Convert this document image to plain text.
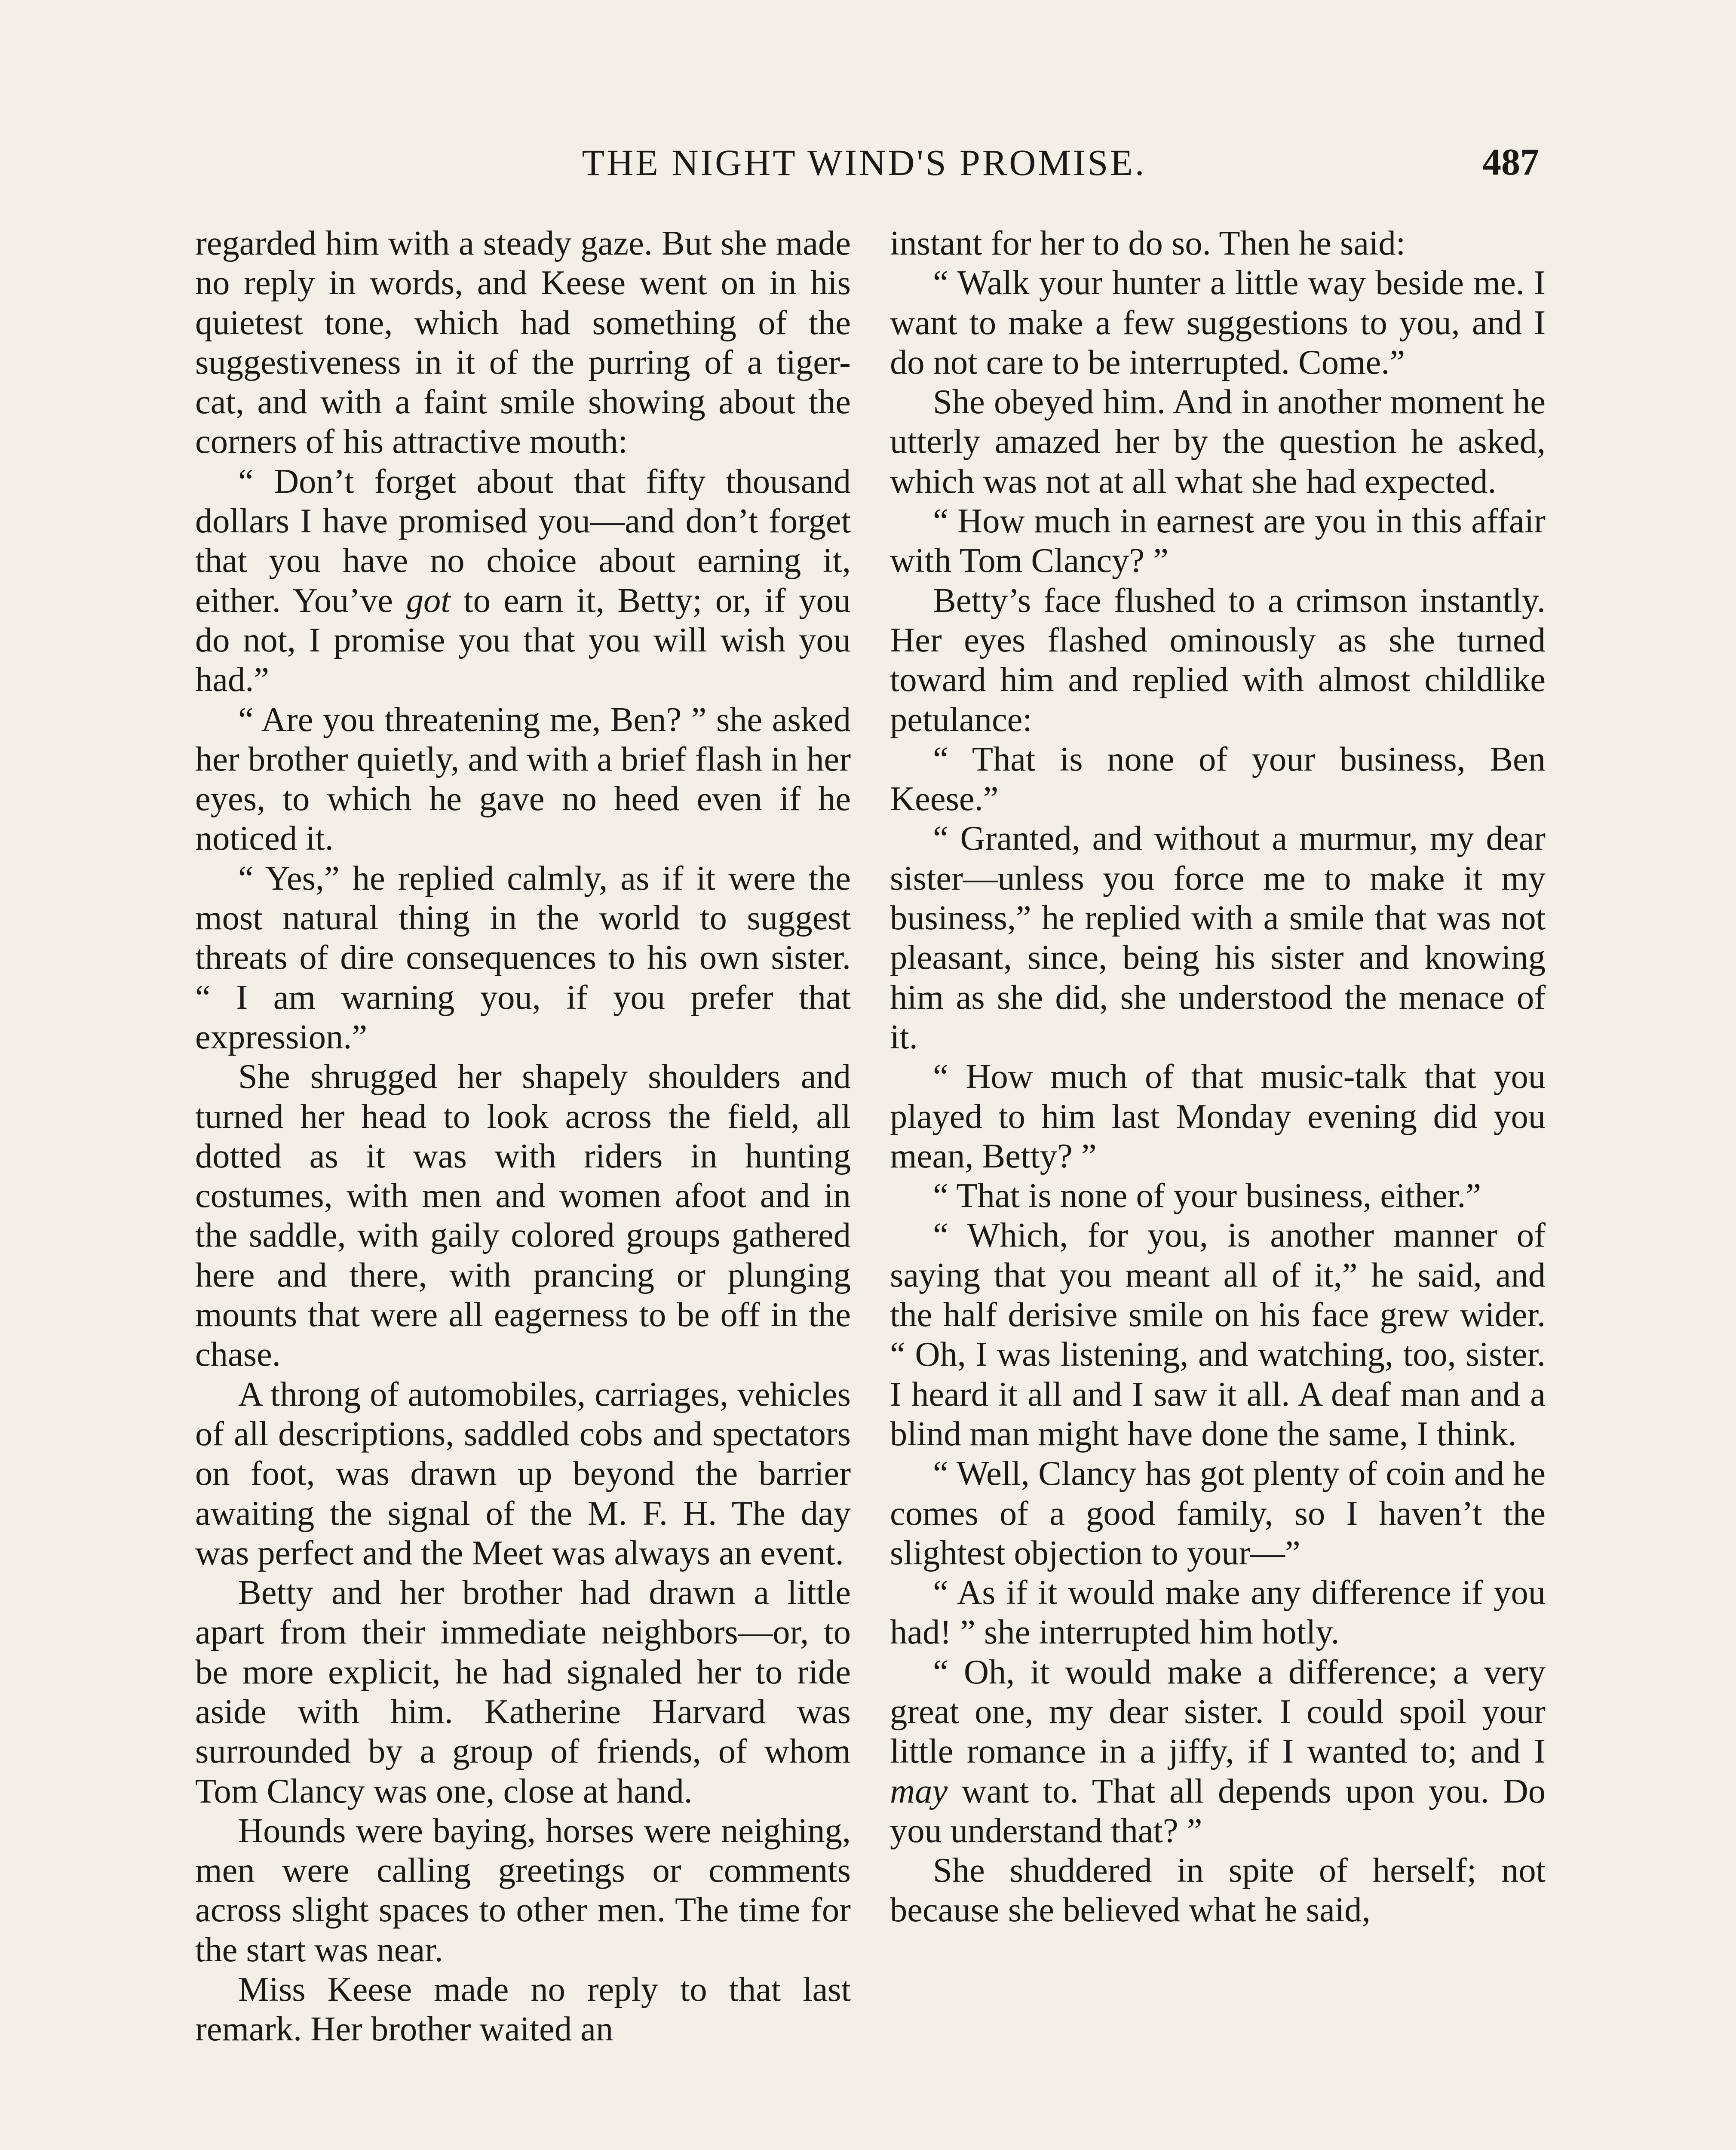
THE NIGHT WIND'S PROMISE.	487

regarded him with a steady gaze. But she made no reply in words, and Keese went on in his quietest tone, which had something of the suggestiveness in it of the purring of a tiger-cat, and with a faint smile showing about the corners of his attractive mouth:

“ Don’t forget about that fifty thousand dollars I have promised you—and don’t forget that you have no choice about earning it, either. You’ve got to earn it, Betty; or, if you do not, I promise you that you will wish you had.”

“ Are you threatening me, Ben? ” she asked her brother quietly, and with a brief flash in her eyes, to which he gave no heed even if he noticed it.

“ Yes,” he replied calmly, as if it were the most natural thing in the world to suggest threats of dire consequences to his own sister. “ I am warning you, if you prefer that expression.”

She shrugged her shapely shoulders and turned her head to look across the field, all dotted as it was with riders in hunting costumes, with men and women afoot and in the saddle, with gaily colored groups gathered here and there, with prancing or plunging mounts that were all eagerness to be off in the chase.

A throng of automobiles, carriages, vehicles of all descriptions, saddled cobs and spectators on foot, was drawn up beyond the barrier awaiting the signal of the M. F. H. The day was perfect and the Meet was always an event.

Betty and her brother had drawn a little apart from their immediate neighbors—or, to be more explicit, he had signaled her to ride aside with him. Katherine Harvard was surrounded by a group of friends, of whom Tom Clancy was one, close at hand.

Hounds were baying, horses were neighing, men were calling greetings or comments across slight spaces to other men. The time for the start was near.

Miss Keese made no reply to that last remark. Her brother waited an

instant for her to do so. Then he said:

“ Walk your hunter a little way beside me. I want to make a few suggestions to you, and I do not care to be interrupted. Come.”

She obeyed him. And in another moment he utterly amazed her by the question he asked, which was not at all what she had expected.

“ How much in earnest are you in this affair with Tom Clancy? ”

Betty’s face flushed to a crimson instantly. Her eyes flashed ominously as she turned toward him and replied with almost childlike petulance:

“ That is none of your business, Ben Keese.”

“ Granted, and without a murmur, my dear sister—unless you force me to make it my business,” he replied with a smile that was not pleasant, since, being his sister and knowing him as she did, she understood the menace of it.

“ How much of that music-talk that you played to him last Monday evening did you mean, Betty? ”

“ That is none of your business, either.”

“ Which, for you, is another manner of saying that you meant all of it,” he said, and the half derisive smile on his face grew wider. “ Oh, I was listening, and watching, too, sister. I heard it all and I saw it all. A deaf man and a blind man might have done the same, I think.

“ Well, Clancy has got plenty of coin and he comes of a good family, so I haven’t the slightest objection to your—”

“ As if it would make any difference if you had! ” she interrupted him hotly.

“ Oh, it would make a difference; a very great one, my dear sister. I could spoil your little romance in a jiffy, if I wanted to; and I may want to. That all depends upon you. Do you understand that? ”

She shuddered in spite of herself; not because she believed what he said,
